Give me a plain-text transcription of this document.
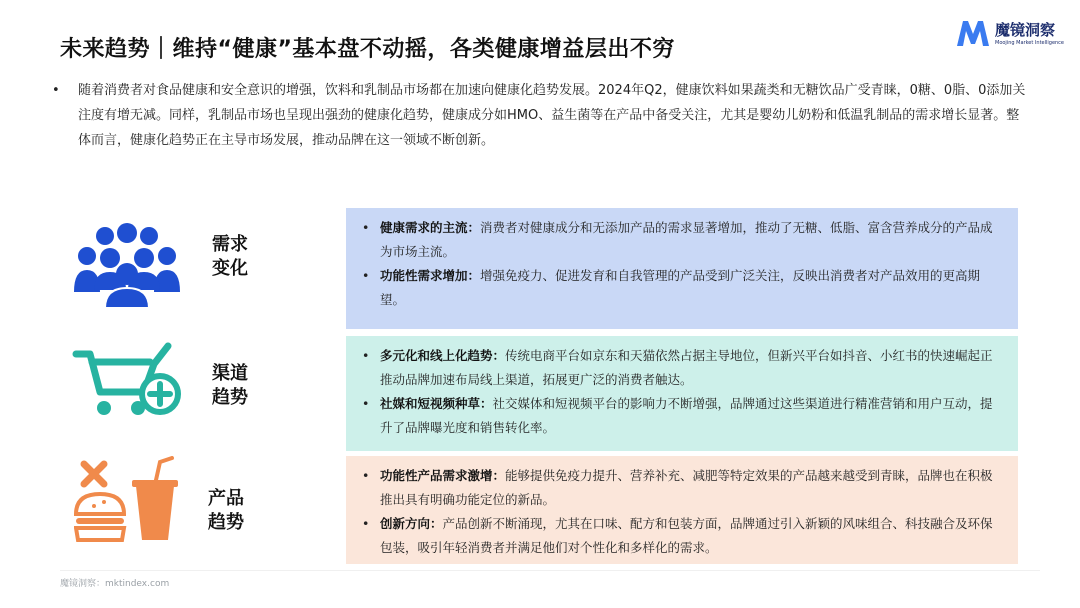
未来趋势｜维持“健康”基本盘不动摇，各类健康增益层出不穷
魔镜洞察
Moojing Market Intelligence
• 随着消费者对食品健康和安全意识的增强，饮料和乳制品市场都在加速向健康化趋势发展。2024年Q2，健康饮料如果蔬类和无糖饮品广受青睐，0糖、0脂、0添加关注度有增无减。同样，乳制品市场也呈现出强劲的健康化趋势，健康成分如HMO、益生菌等在产品中备受关注，尤其是婴幼儿奶粉和低温乳制品的需求增长显著。整体而言，健康化趋势正在主导市场发展，推动品牌在这一领域不断创新。
需求
变化
• 健康需求的主流：消费者对健康成分和无添加产品的需求显著增加，推动了无糖、低脂、富含营养成分的产品成为市场主流。
• 功能性需求增加：增强免疫力、促进发育和自我管理的产品受到广泛关注，反映出消费者对产品效用的更高期望。
渠道
趋势
• 多元化和线上化趋势：传统电商平台如京东和天猫依然占据主导地位，但新兴平台如抖音、小红书的快速崛起正推动品牌加速布局线上渠道，拓展更广泛的消费者触达。
• 社媒和短视频种草：社交媒体和短视频平台的影响力不断增强，品牌通过这些渠道进行精准营销和用户互动，提升了品牌曝光度和销售转化率。
产品
趋势
• 功能性产品需求激增：能够提供免疫力提升、营养补充、减肥等特定效果的产品越来越受到青睐，品牌也在积极推出具有明确功能定位的新品。
• 创新方向：产品创新不断涌现，尤其在口味、配方和包装方面，品牌通过引入新颖的风味组合、科技融合及环保包装，吸引年轻消费者并满足他们对个性化和多样化的需求。
魔镜洞察：mktindex.com
